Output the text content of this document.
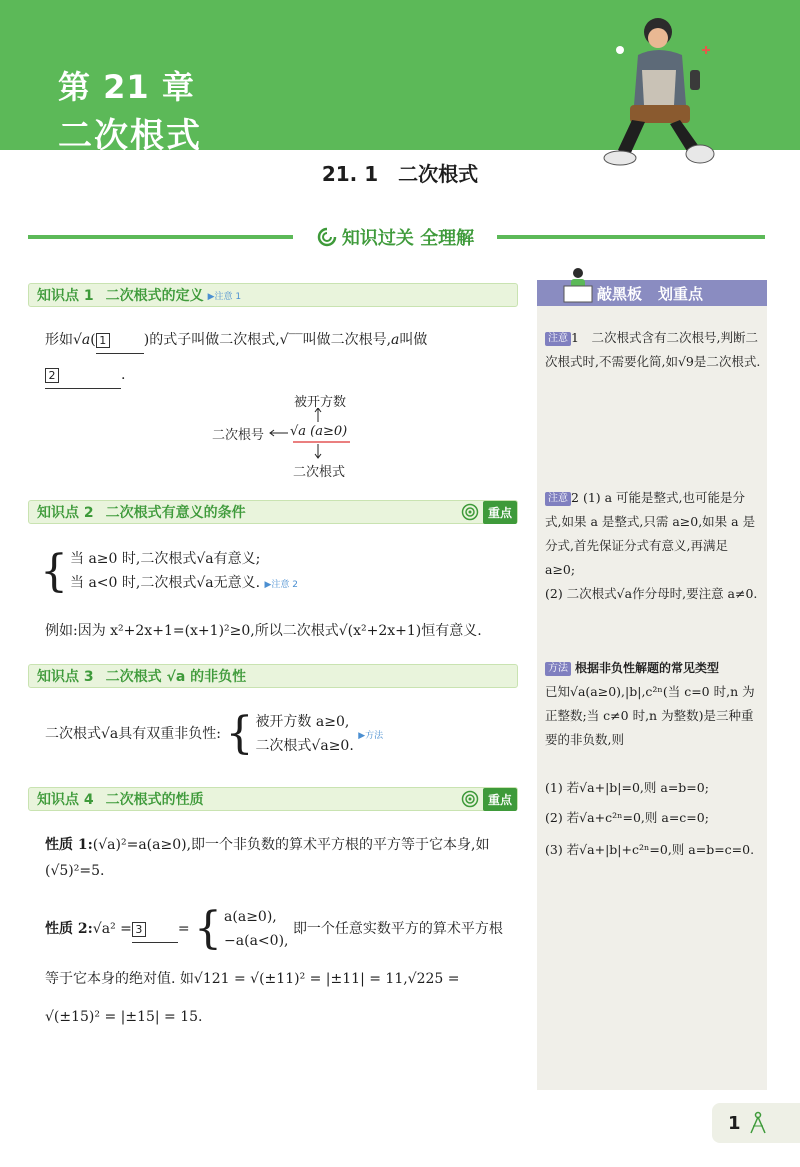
第 21 章
二次根式
21. 1　二次根式
知识过关 全理解
知识点 1 二次根式的定义 ▶注意 1
形如√a( 1	)的式子叫做二次根式,√‾‾叫做二次根号,a叫做
2	.
被开方数
二次根号 √a (a≥0)
二次根式
知识点 2 二次根式有意义的条件	重点
{ 当 a≥0 时,二次根式√a有意义;
当 a<0 时,二次根式√a无意义. ▶注意 2
例如:因为 x²+2x+1=(x+1)²≥0,所以二次根式√(x²+2x+1)恒有意义.
知识点 3 二次根式 √a 的非负性
二次根式√a具有双重非负性: { 被开方数 a≥0,
二次根式√a≥0.
▶方法
知识点 4 二次根式的性质	重点
性质 1:(√a)²=a(a≥0),即一个非负数的算术平方根的平方等于它本身,如(√5)²=5.
性质 2:√a² = 3	= { a(a≥0),
−a(a<0),
即一个任意实数平方的算术平方根
等于它本身的绝对值. 如√121 = √(±11)² = |±11| = 11,√225 =
√(±15)² = |±15| = 15.
敲黑板 划重点
注意 1　 二次根式含有二次根号,判断二次根式时,不需要化简,如√9是二次根式.
注意 2 (1) a 可能是整式,也可能是分式,如果 a 是整式,只需 a≥0,如果 a 是分式,首先保证分式有意义,再满足 a≥0;
(2) 二次根式√a作分母时,要注意 a≠0.
方法 根据非负性解题的常见类型
已知√a(a≥0),|b|,c²ⁿ(当 c=0 时,n 为正整数;当 c≠0 时,n 为整数)是三种重要的非负数,则
(1) 若√a+|b|=0,则 a=b=0;
(2) 若√a+c²ⁿ=0,则 a=c=0;
(3) 若√a+|b|+c²ⁿ=0,则 a=b=c=0.
1
